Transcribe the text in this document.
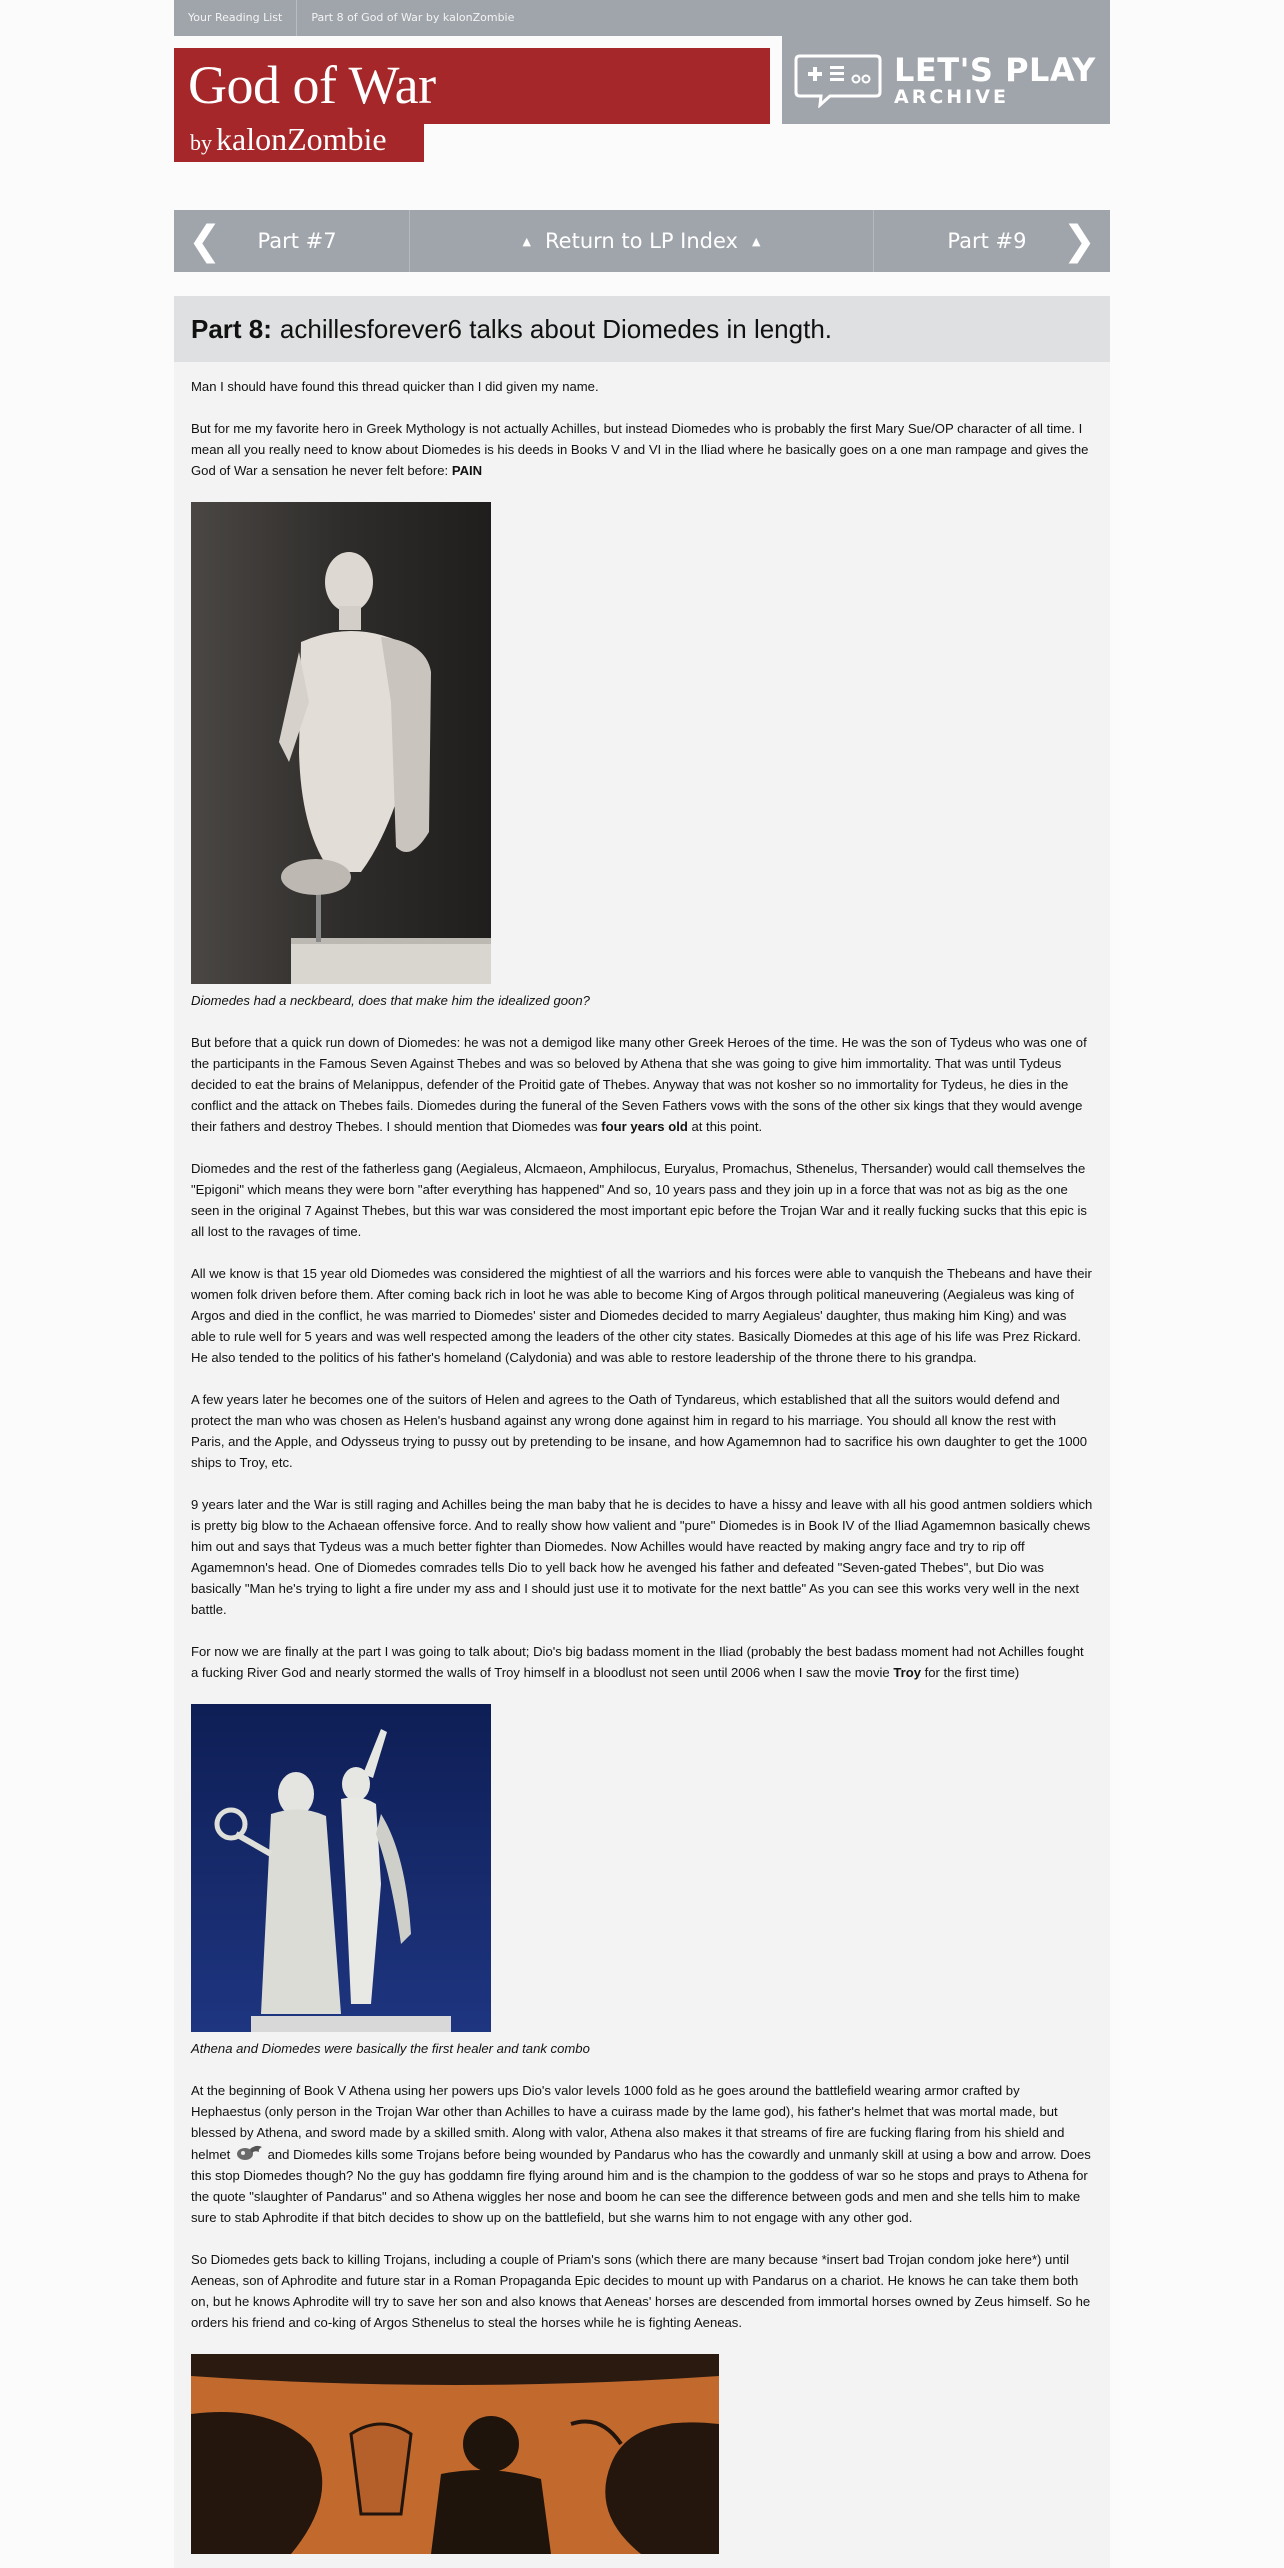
Your Reading List	Part 8 of God of War by kalonZombie
God of War
by kalonZombie
LET'S PLAY
ARCHIVE
❮ Part #7	▲ Return to LP Index ▲	Part #9 ❯
Part 8: achillesforever6 talks about Diomedes in length.

Man I should have found this thread quicker than I did given my name.

But for me my favorite hero in Greek Mythology is not actually Achilles, but instead Diomedes who is probably the first Mary Sue/OP character of all time. I mean all you really need to know about Diomedes is his deeds in Books V and VI in the Iliad where he basically goes on a one man rampage and gives the God of War a sensation he never felt before: PAIN

Diomedes had a neckbeard, does that make him the idealized goon?

But before that a quick run down of Diomedes: he was not a demigod like many other Greek Heroes of the time. He was the son of Tydeus who was one of the participants in the Famous Seven Against Thebes and was so beloved by Athena that she was going to give him immortality. That was until Tydeus decided to eat the brains of Melanippus, defender of the Proitid gate of Thebes. Anyway that was not kosher so no immortality for Tydeus, he dies in the conflict and the attack on Thebes fails. Diomedes during the funeral of the Seven Fathers vows with the sons of the other six kings that they would avenge their fathers and destroy Thebes. I should mention that Diomedes was four years old at this point.

Diomedes and the rest of the fatherless gang (Aegialeus, Alcmaeon, Amphilocus, Euryalus, Promachus, Sthenelus, Thersander) would call themselves the "Epigoni" which means they were born "after everything has happened" And so, 10 years pass and they join up in a force that was not as big as the one seen in the original 7 Against Thebes, but this war was considered the most important epic before the Trojan War and it really fucking sucks that this epic is all lost to the ravages of time.

All we know is that 15 year old Diomedes was considered the mightiest of all the warriors and his forces were able to vanquish the Thebeans and have their women folk driven before them. After coming back rich in loot he was able to become King of Argos through political maneuvering (Aegialeus was king of Argos and died in the conflict, he was married to Diomedes' sister and Diomedes decided to marry Aegialeus' daughter, thus making him King) and was able to rule well for 5 years and was well respected among the leaders of the other city states. Basically Diomedes at this age of his life was Prez Rickard. He also tended to the politics of his father's homeland (Calydonia) and was able to restore leadership of the throne there to his grandpa.

A few years later he becomes one of the suitors of Helen and agrees to the Oath of Tyndareus, which established that all the suitors would defend and protect the man who was chosen as Helen's husband against any wrong done against him in regard to his marriage. You should all know the rest with Paris, and the Apple, and Odysseus trying to pussy out by pretending to be insane, and how Agamemnon had to sacrifice his own daughter to get the 1000 ships to Troy, etc.

9 years later and the War is still raging and Achilles being the man baby that he is decides to have a hissy and leave with all his good antmen soldiers which is pretty big blow to the Achaean offensive force. And to really show how valient and "pure" Diomedes is in Book IV of the Iliad Agamemnon basically chews him out and says that Tydeus was a much better fighter than Diomedes. Now Achilles would have reacted by making angry face and try to rip off Agamemnon's head. One of Diomedes comrades tells Dio to yell back how he avenged his father and defeated "Seven-gated Thebes", but Dio was basically "Man he's trying to light a fire under my ass and I should just use it to motivate for the next battle" As you can see this works very well in the next battle.

For now we are finally at the part I was going to talk about; Dio's big badass moment in the Iliad (probably the best badass moment had not Achilles fought a fucking River God and nearly stormed the walls of Troy himself in a bloodlust not seen until 2006 when I saw the movie Troy for the first time)

Athena and Diomedes were basically the first healer and tank combo

At the beginning of Book V Athena using her powers ups Dio's valor levels 1000 fold as he goes around the battlefield wearing armor crafted by Hephaestus (only person in the Trojan War other than Achilles to have a cuirass made by the lame god), his father's helmet that was mortal made, but blessed by Athena, and sword made by a skilled smith. Along with valor, Athena also makes it that streams of fire are fucking flaring from his shield and helmet	and Diomedes kills some Trojans before being wounded by Pandarus who has the cowardly and unmanly skill at using a bow and arrow. Does this stop Diomedes though? No the guy has goddamn fire flying around him and is the champion to the goddess of war so he stops and prays to Athena for the quote "slaughter of Pandarus" and so Athena wiggles her nose and boom he can see the difference between gods and men and she tells him to make sure to stab Aphrodite if that bitch decides to show up on the battlefield, but she warns him to not engage with any other god.

So Diomedes gets back to killing Trojans, including a couple of Priam's sons (which there are many because *insert bad Trojan condom joke here*) until Aeneas, son of Aphrodite and future star in a Roman Propaganda Epic decides to mount up with Pandarus on a chariot. He knows he can take them both on, but he knows Aphrodite will try to save her son and also knows that Aeneas' horses are descended from immortal horses owned by Zeus himself. So he orders his friend and co-king of Argos Sthenelus to steal the horses while he is fighting Aeneas.
